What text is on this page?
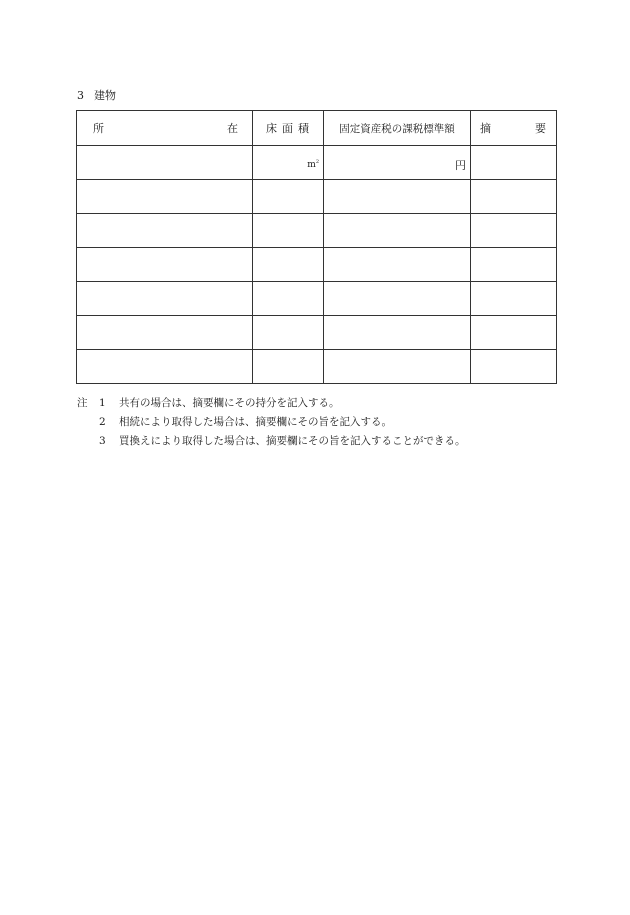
3 建物
所 在	床面積	固定資産税の課税標準額	摘 要

	$m^2$	円	

注	1	共有の場合は、摘要欄にその持分を記入する。
2	相続により取得した場合は、摘要欄にその旨を記入する。
3	買換えにより取得した場合は、摘要欄にその旨を記入することができる。
